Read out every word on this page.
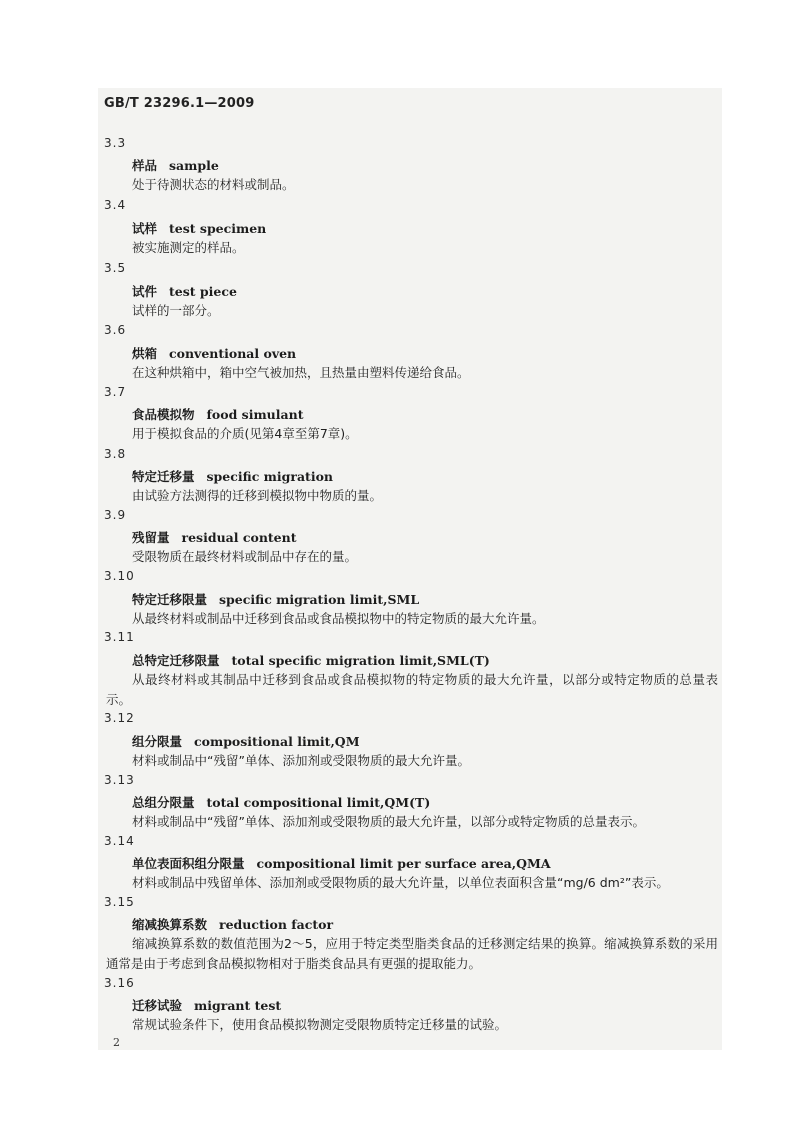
GB/T 23296.1—2009
3.3
样品 sample
处于待测状态的材料或制品。
3.4
试样 test specimen
被实施测定的样品。
3.5
试件 test piece
试样的一部分。
3.6
烘箱 conventional oven
在这种烘箱中，箱中空气被加热，且热量由塑料传递给食品。
3.7
食品模拟物 food simulant
用于模拟食品的介质(见第4章至第7章)。
3.8
特定迁移量 specific migration
由试验方法测得的迁移到模拟物中物质的量。
3.9
残留量 residual content
受限物质在最终材料或制品中存在的量。
3.10
特定迁移限量 specific migration limit,SML
从最终材料或制品中迁移到食品或食品模拟物中的特定物质的最大允许量。
3.11
总特定迁移限量 total specific migration limit,SML(T)
从最终材料或其制品中迁移到食品或食品模拟物的特定物质的最大允许量，以部分或特定物质的总量表示。
3.12
组分限量 compositional limit,QM
材料或制品中“残留”单体、添加剂或受限物质的最大允许量。
3.13
总组分限量 total compositional limit,QM(T)
材料或制品中“残留”单体、添加剂或受限物质的最大允许量，以部分或特定物质的总量表示。
3.14
单位表面积组分限量 compositional limit per surface area,QMA
材料或制品中残留单体、添加剂或受限物质的最大允许量，以单位表面积含量“mg/6 dm²”表示。
3.15
缩减换算系数 reduction factor
缩减换算系数的数值范围为2～5，应用于特定类型脂类食品的迁移测定结果的换算。缩减换算系数的采用通常是由于考虑到食品模拟物相对于脂类食品具有更强的提取能力。
3.16
迁移试验 migrant test
常规试验条件下，使用食品模拟物测定受限物质特定迁移量的试验。
2
